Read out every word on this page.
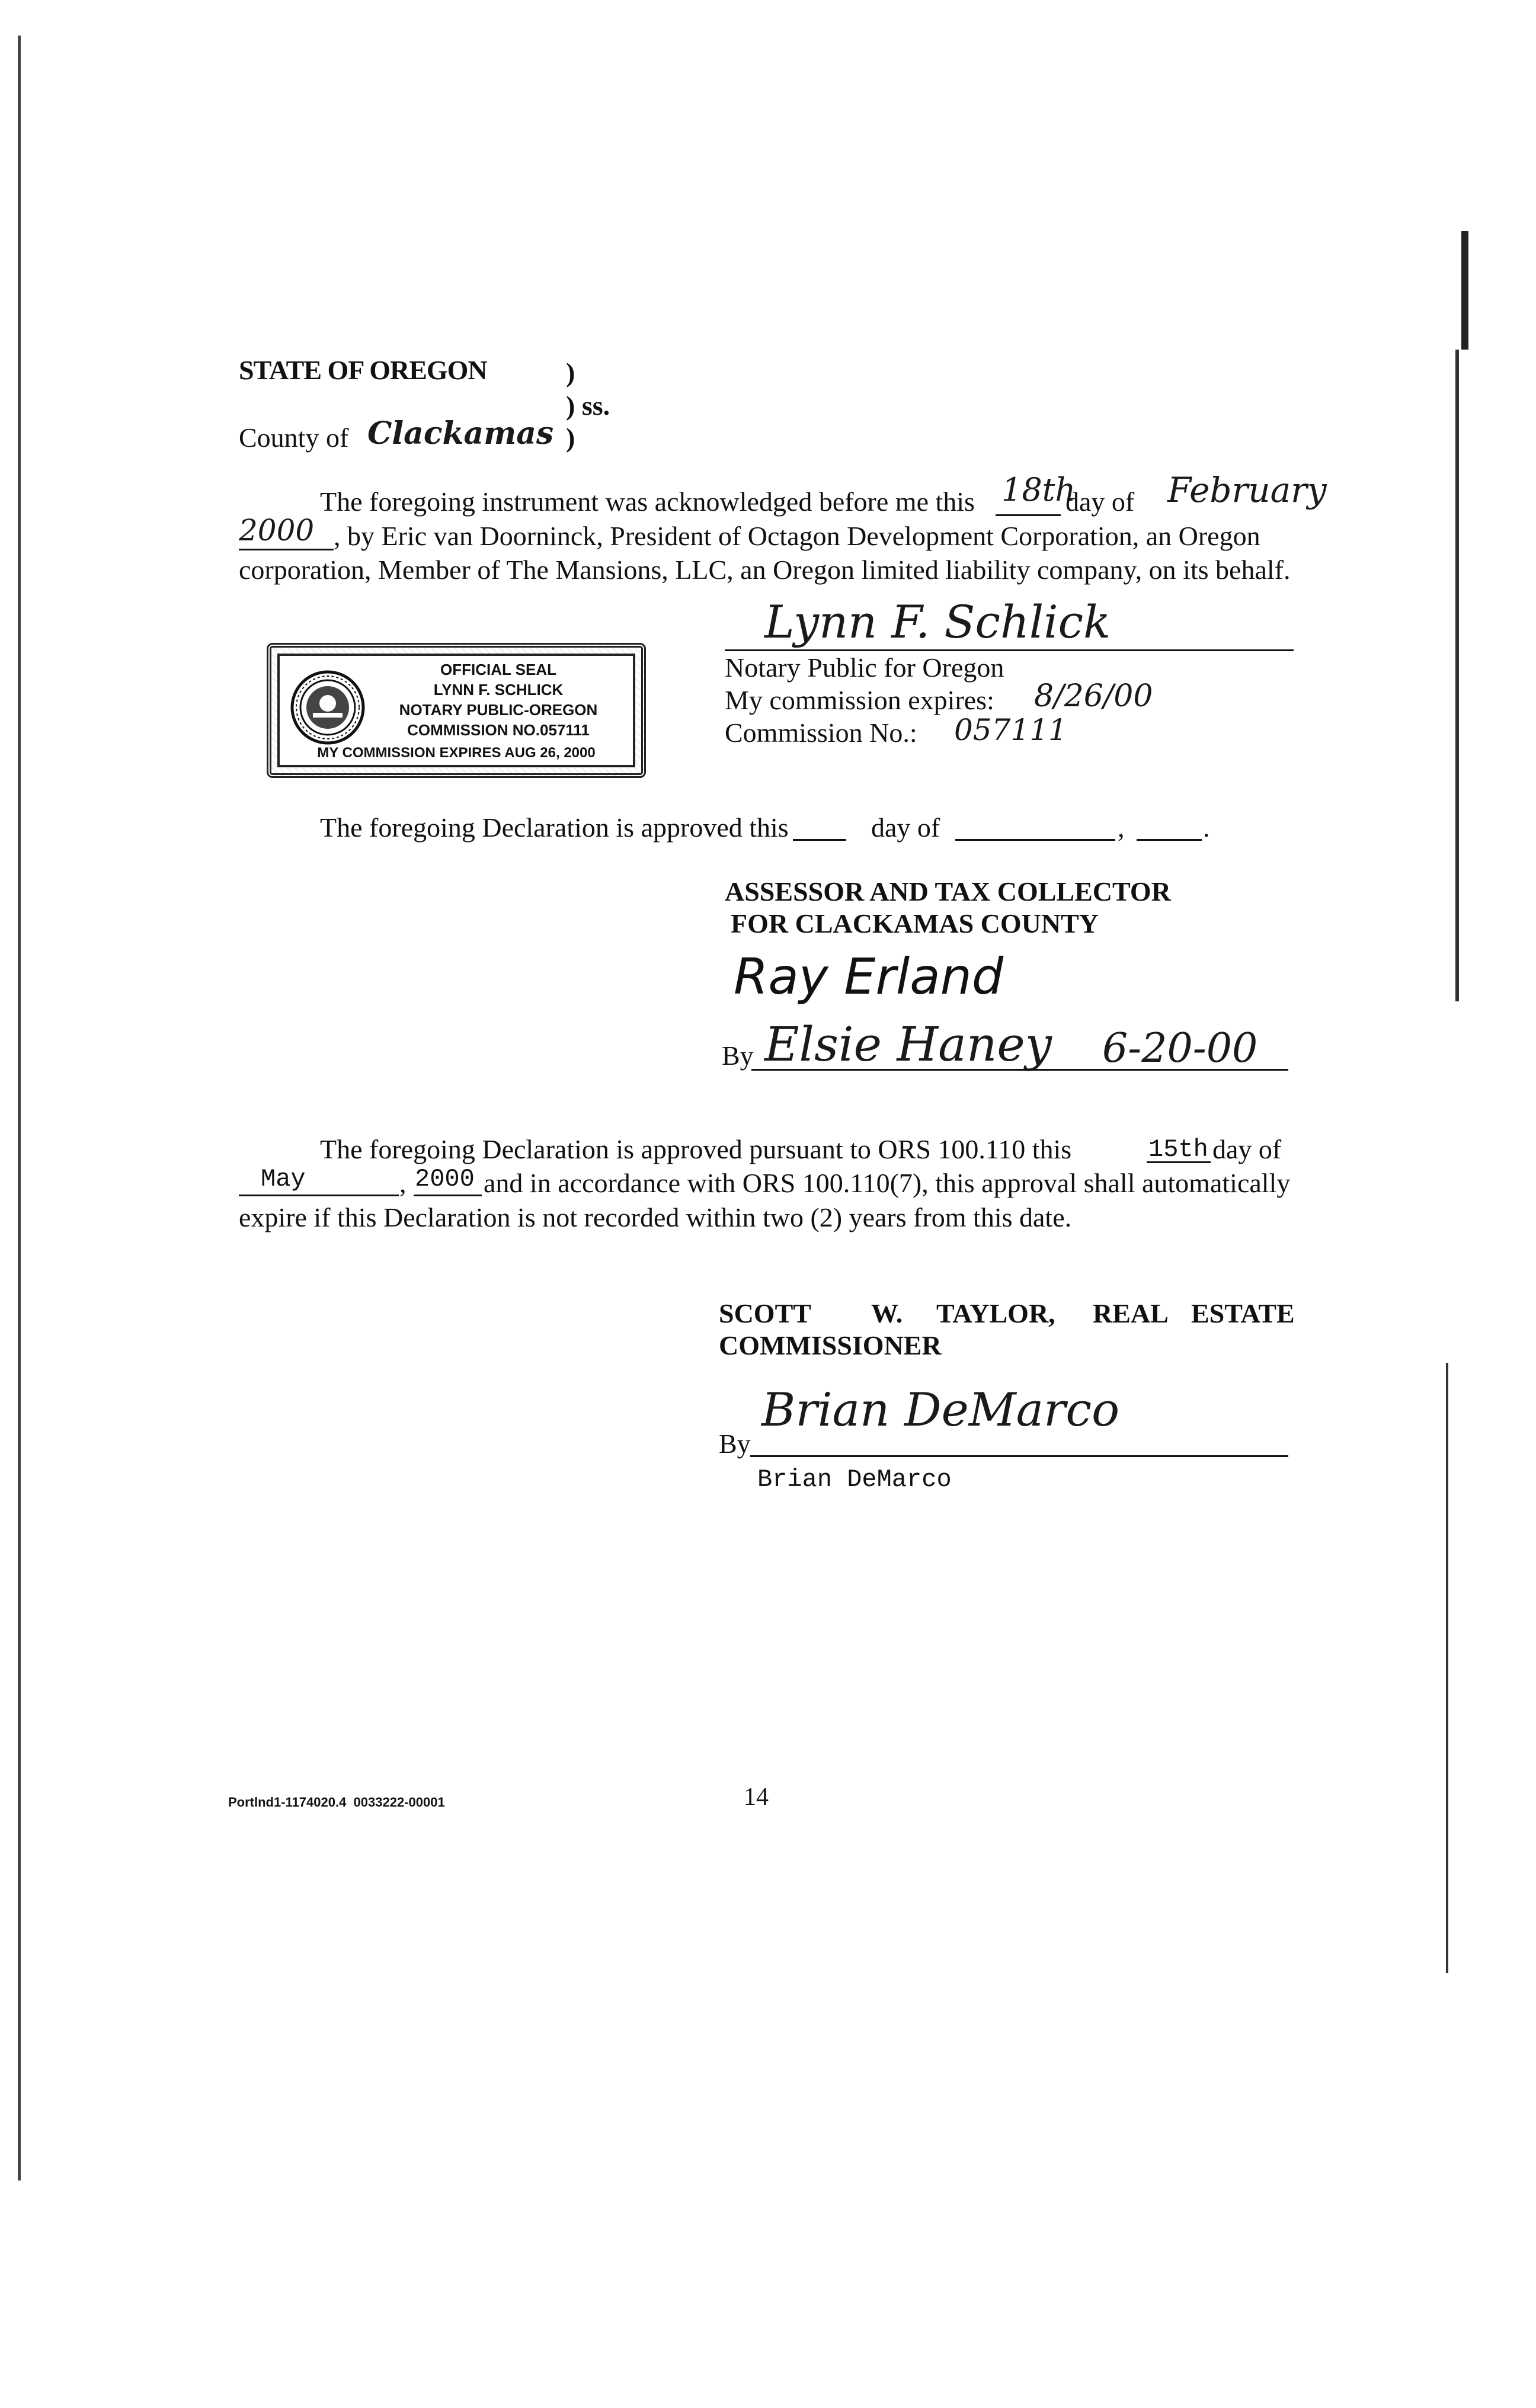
STATE OF OREGON	)
) ss.
County of Clackamas )
The foregoing instrument was acknowledged before me this 18th
day of February
2000 , by Eric van Doorninck, President of Octagon Development Corporation, an Oregon
corporation, Member of The Mansions, LLC, an Oregon limited liability company, on its behalf.
OFFICIAL SEAL
LYNN F. SCHLICK
NOTARY PUBLIC-OREGON
COMMISSION NO.057111
MY COMMISSION EXPIRES AUG 26, 2000
Lynn F. Schlick
Notary Public for Oregon
My commission expires: 8/26/00
Commission No.: 057111
The foregoing Declaration is approved this	day of	,	.
ASSESSOR AND TAX COLLECTOR
FOR CLACKAMAS COUNTY
Ray Erland
By Elsie Haney 6-20-00
The foregoing Declaration is approved pursuant to ORS 100.110 this	15th day of
May	, 2000 and in accordance with ORS 100.110(7), this approval shall automatically
expire if this Declaration is not recorded within two (2) years from this date.
SCOTT W. TAYLOR, REAL ESTATE
COMMISSIONER
By
Brian DeMarco
Brian DeMarco
Portlnd1-1174020.4  0033222-00001	14
